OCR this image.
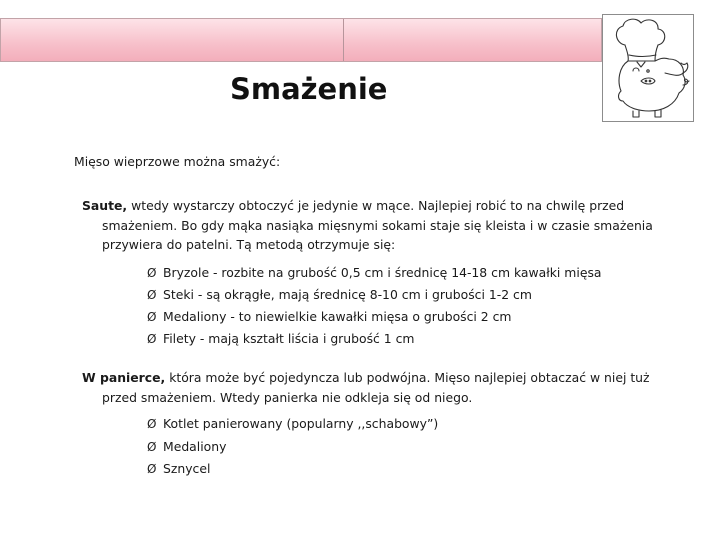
Smażenie
Mięso wieprzowe można smażyć:
Saute, wtedy wystarczy obtoczyć je jedynie w mące. Najlepiej robić to na chwilę przed
smażeniem. Bo gdy mąka nasiąka mięsnymi sokami staje się kleista i w czasie smażenia
przywiera do patelni. Tą metodą otrzymuje się:
Ø Bryzole - rozbite na grubość 0,5 cm i średnicę 14-18 cm kawałki mięsa
Ø Steki - są okrągłe, mają średnicę 8-10 cm i grubości 1-2 cm
Ø Medaliony - to niewielkie kawałki mięsa o grubości 2 cm
Ø Filety - mają kształt liścia i grubość 1 cm
W panierce, która może być pojedyncza lub podwójna. Mięso najlepiej obtaczać w niej tuż
przed smażeniem. Wtedy panierka nie odkleja się od niego.
Ø Kotlet panierowany (popularny ,,schabowy”)
Ø Medaliony
Ø Sznycel
